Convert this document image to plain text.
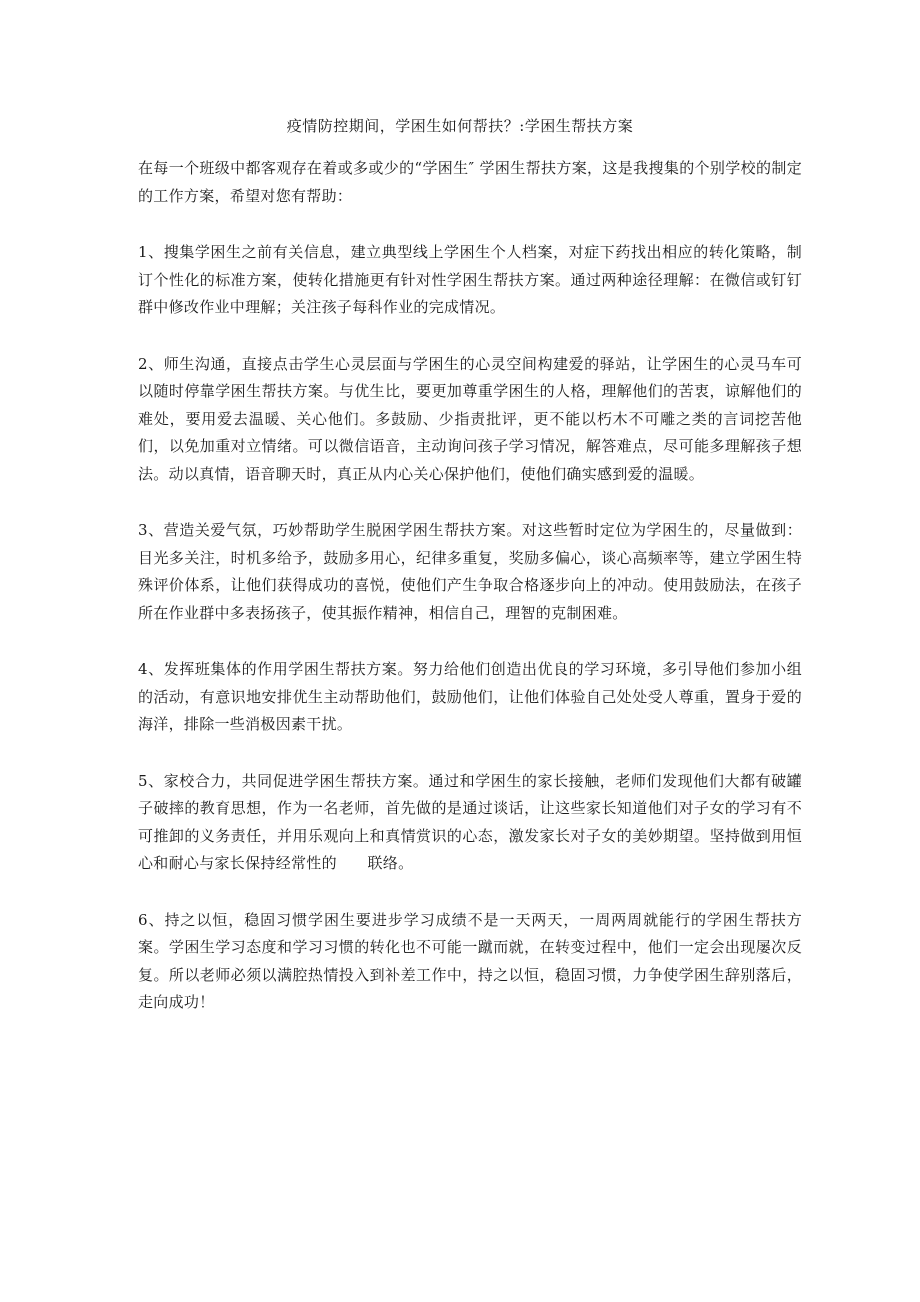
疫情防控期间，学困生如何帮扶？:学困生帮扶方案

在每一个班级中都客观存在着或多或少的“学困生″ 学困生帮扶方案，这是我搜集的个别学校的制定的工作方案，希望对您有帮助：

1、搜集学困生之前有关信息，建立典型线上学困生个人档案，对症下药找出相应的转化策略，制订个性化的标准方案，使转化措施更有针对性学困生帮扶方案。通过两种途径理解：在微信或钉钉群中修改作业中理解；关注孩子每科作业的完成情况。

2、师生沟通，直接点击学生心灵层面与学困生的心灵空间构建爱的驿站，让学困生的心灵马车可以随时停靠学困生帮扶方案。与优生比，要更加尊重学困生的人格，理解他们的苦衷，谅解他们的难处，要用爱去温暖、关心他们。多鼓励、少指责批评，更不能以朽木不可雕之类的言词挖苦他们，以免加重对立情绪。可以微信语音，主动询问孩子学习情况，解答难点，尽可能多理解孩子想法。动以真情，语音聊天时，真正从内心关心保护他们，使他们确实感到爱的温暖。

3、营造关爱气氛，巧妙帮助学生脱困学困生帮扶方案。对这些暂时定位为学困生的，尽量做到：目光多关注，时机多给予，鼓励多用心，纪律多重复，奖励多偏心，谈心高频率等，建立学困生特殊评价体系，让他们获得成功的喜悦，使他们产生争取合格逐步向上的冲动。使用鼓励法，在孩子所在作业群中多表扬孩子，使其振作精神，相信自己，理智的克制困难。

4、发挥班集体的作用学困生帮扶方案。努力给他们创造出优良的学习环境，多引导他们参加小组的活动，有意识地安排优生主动帮助他们，鼓励他们，让他们体验自己处处受人尊重，置身于爱的海洋，排除一些消极因素干扰。

5、家校合力，共同促进学困生帮扶方案。通过和学困生的家长接触，老师们发现他们大都有破罐子破摔的教育思想，作为一名老师，首先做的是通过谈话，让这些家长知道他们对子女的学习有不可推卸的义务责任，并用乐观向上和真情赏识的心态，激发家长对子女的美妙期望。坚持做到用恒心和耐心与家长保持经常性的　　联络。

6、持之以恒，稳固习惯学困生要进步学习成绩不是一天两天，一周两周就能行的学困生帮扶方案。学困生学习态度和学习习惯的转化也不可能一蹴而就，在转变过程中，他们一定会出现屡次反复。所以老师必须以满腔热情投入到补差工作中，持之以恒，稳固习惯，力争使学困生辞别落后，走向成功！
